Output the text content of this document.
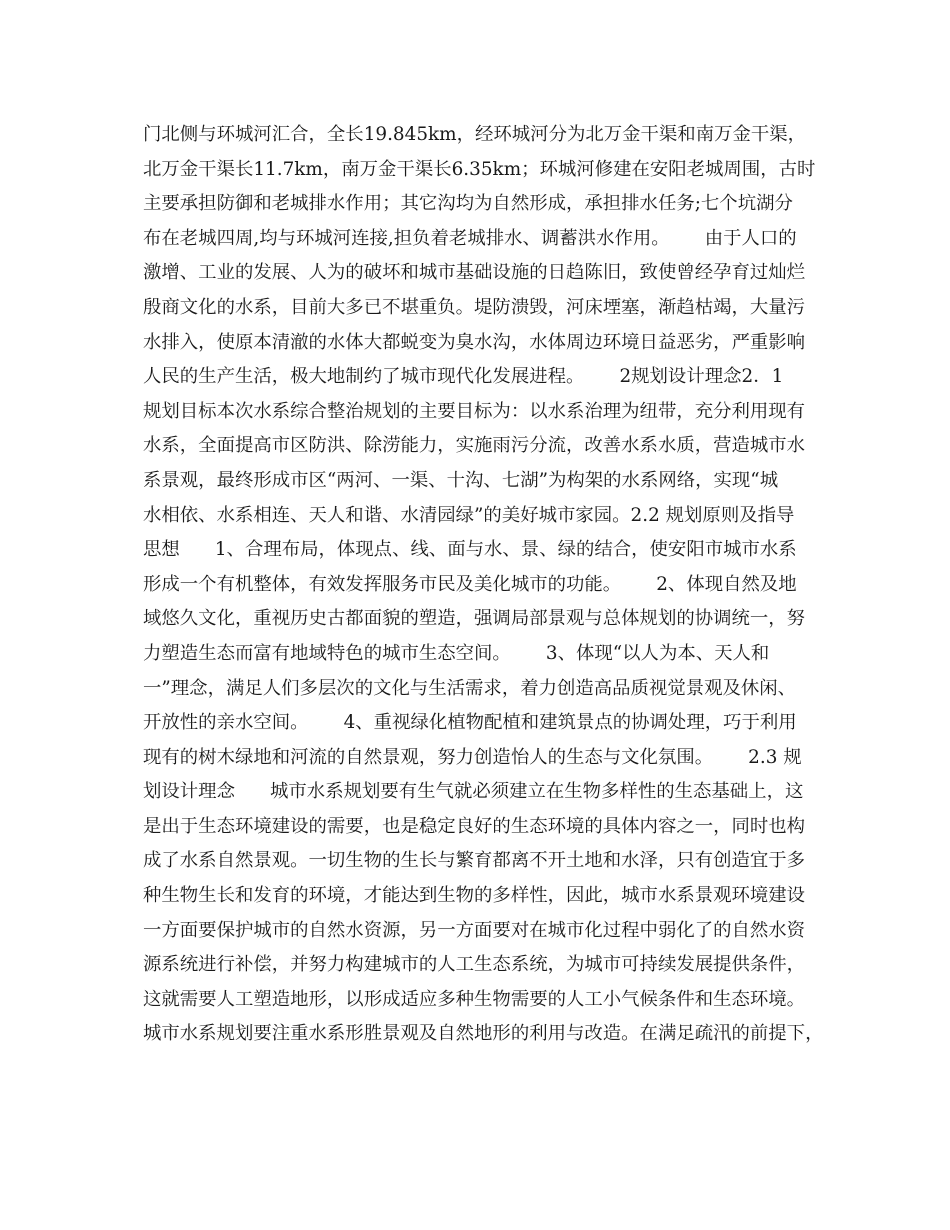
门北侧与环城河汇合，全长19.845km，经环城河分为北万金干渠和南万金干渠，
北万金干渠长11.7km，南万金干渠长6.35km；环城河修建在安阳老城周围，古时
主要承担防御和老城排水作用；其它沟均为自然形成，承担排水任务;七个坑湖分
布在老城四周,均与环城河连接,担负着老城排水、调蓄洪水作用。      由于人口的
激增、工业的发展、人为的破坏和城市基础设施的日趋陈旧，致使曾经孕育过灿烂
殷商文化的水系，目前大多已不堪重负。堤防溃毁，河床堙塞，渐趋枯竭，大量污
水排入，使原本清澈的水体大都蜕变为臭水沟，水体周边环境日益恶劣，严重影响
人民的生产生活，极大地制约了城市现代化发展进程。      2规划设计理念2．1
规划目标本次水系综合整治规划的主要目标为：以水系治理为纽带，充分利用现有
水系，全面提高市区防洪、除涝能力，实施雨污分流，改善水系水质，营造城市水
系景观，最终形成市区“两河、一渠、十沟、七湖”为构架的水系网络，实现“城
水相依、水系相连、天人和谐、水清园绿”的美好城市家园。2.2 规划原则及指导
思想      1、合理布局，体现点、线、面与水、景、绿的结合，使安阳市城市水系
形成一个有机整体，有效发挥服务市民及美化城市的功能。      2、体现自然及地
域悠久文化，重视历史古都面貌的塑造，强调局部景观与总体规划的协调统一，努
力塑造生态而富有地域特色的城市生态空间。      3、体现“以人为本、天人和
一”理念，满足人们多层次的文化与生活需求，着力创造高品质视觉景观及休闲、
开放性的亲水空间。      4、重视绿化植物配植和建筑景点的协调处理，巧于利用
现有的树木绿地和河流的自然景观，努力创造怡人的生态与文化氛围。      2.3 规
划设计理念      城市水系规划要有生气就必须建立在生物多样性的生态基础上，这
是出于生态环境建设的需要，也是稳定良好的生态环境的具体内容之一，同时也构
成了水系自然景观。一切生物的生长与繁育都离不开土地和水泽，只有创造宜于多
种生物生长和发育的环境，才能达到生物的多样性，因此，城市水系景观环境建设
一方面要保护城市的自然水资源，另一方面要对在城市化过程中弱化了的自然水资
源系统进行补偿，并努力构建城市的人工生态系统，为城市可持续发展提供条件，
这就需要人工塑造地形，以形成适应多种生物需要的人工小气候条件和生态环境。
城市水系规划要注重水系形胜景观及自然地形的利用与改造。在满足疏汛的前提下，
